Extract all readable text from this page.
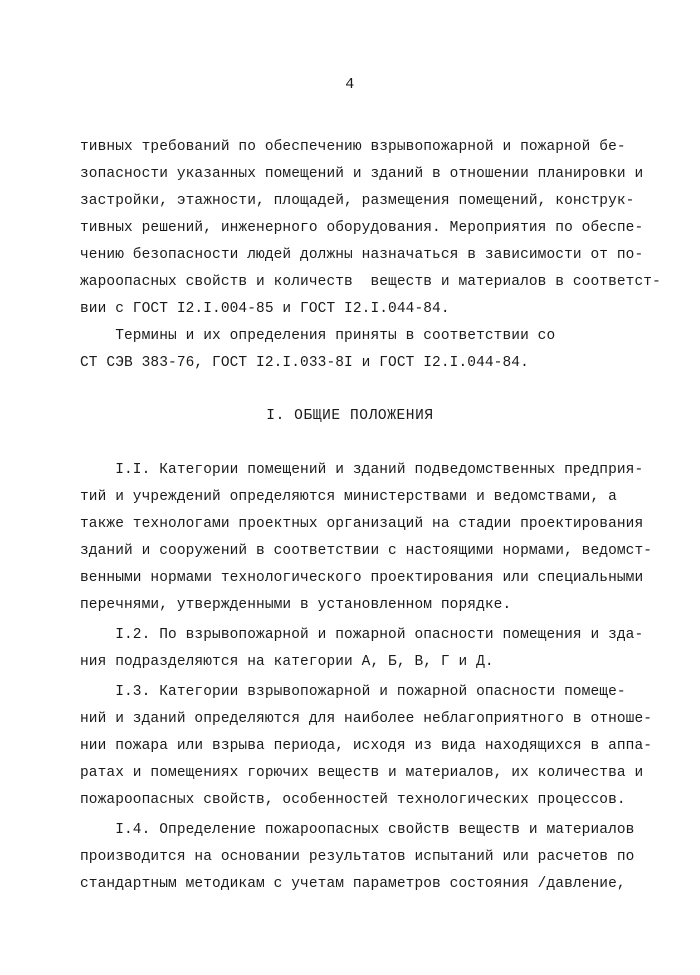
4
тивных требований по обеспечению взрывопожарной и пожарной бе-
зопасности указанных помещений и зданий в отношении планировки и
застройки, этажности, площадей, размещения помещений, конструк-
тивных решений, инженерного оборудования. Мероприятия по обеспе-
чению безопасности людей должны назначаться в зависимости от по-
жароопасных свойств и количеств  веществ и материалов в соответст-
вии с ГОСТ I2.I.004-85 и ГОСТ I2.I.044-84.
Термины и их определения приняты в соответствии со
СТ СЭВ 383-76, ГОСТ I2.I.033-8I и ГОСТ I2.I.044-84.
I. ОБЩИЕ ПОЛОЖЕНИЯ
I.I. Категории помещений и зданий подведомственных предприя-
тий и учреждений определяются министерствами и ведомствами, а
также технологами проектных организаций на стадии проектирования
зданий и сооружений в соответствии с настоящими нормами, ведомст-
венными нормами технологического проектирования или специальными
перечнями, утвержденными в установленном порядке.
I.2. По взрывопожарной и пожарной опасности помещения и зда-
ния подразделяются на категории А, Б, В, Г и Д.
I.3. Категории взрывопожарной и пожарной опасности помеще-
ний и зданий определяются для наиболее неблагоприятного в отноше-
нии пожара или взрыва периода, исходя из вида находящихся в аппа-
ратах и помещениях горючих веществ и материалов, их количества и
пожароопасных свойств, особенностей технологических процессов.
I.4. Определение пожароопасных свойств веществ и материалов
производится на основании результатов испытаний или расчетов по
стандартным методикам с учетам параметров состояния /давление,
